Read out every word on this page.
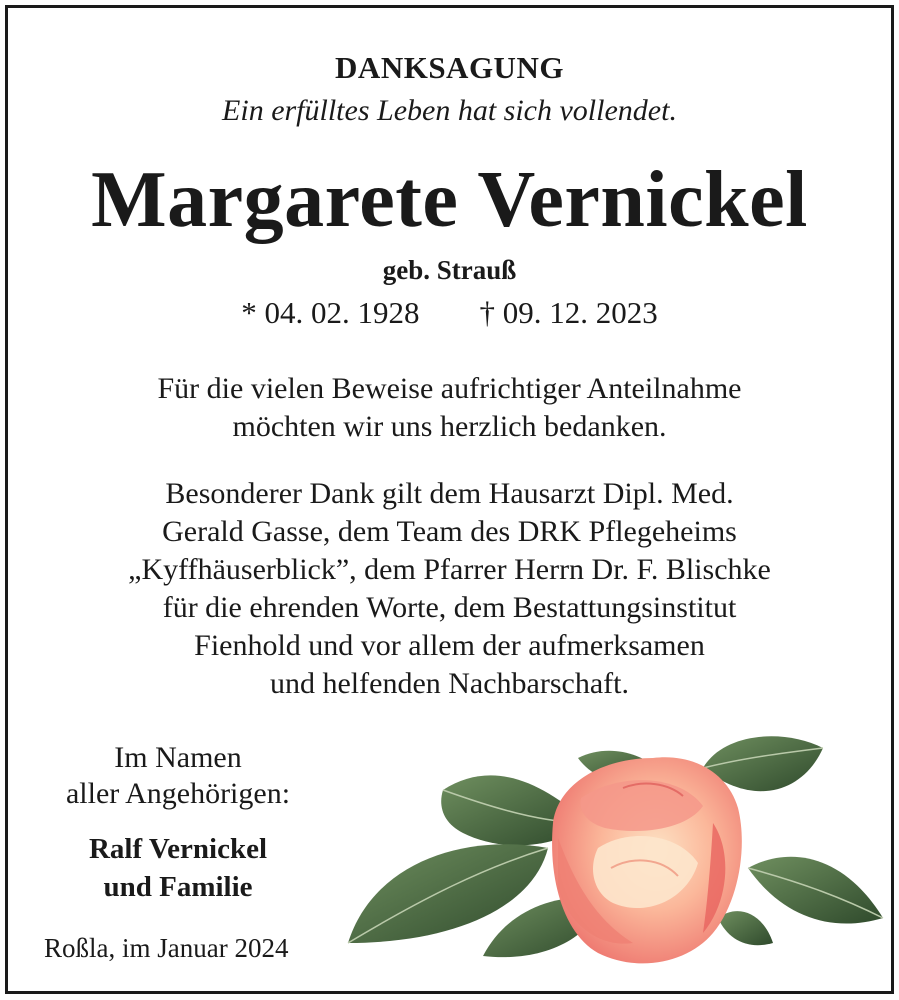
DANKSAGUNG
Ein erfülltes Leben hat sich vollendet.
Margarete Vernickel
geb. Strauß
* 04. 02. 1928 † 09. 12. 2023
Für die vielen Beweise aufrichtiger Anteilnahme
möchten wir uns herzlich bedanken.
Besonderer Dank gilt dem Hausarzt Dipl. Med.
Gerald Gasse, dem Team des DRK Pflegeheims
„Kyffhäuserblick”, dem Pfarrer Herrn Dr. F. Blischke
für die ehrenden Worte, dem Bestattungsinstitut
Fienhold und vor allem der aufmerksamen
und helfenden Nachbarschaft.
Im Namen
aller Angehörigen:
Ralf Vernickel
und Familie
Roßla, im Januar 2024
